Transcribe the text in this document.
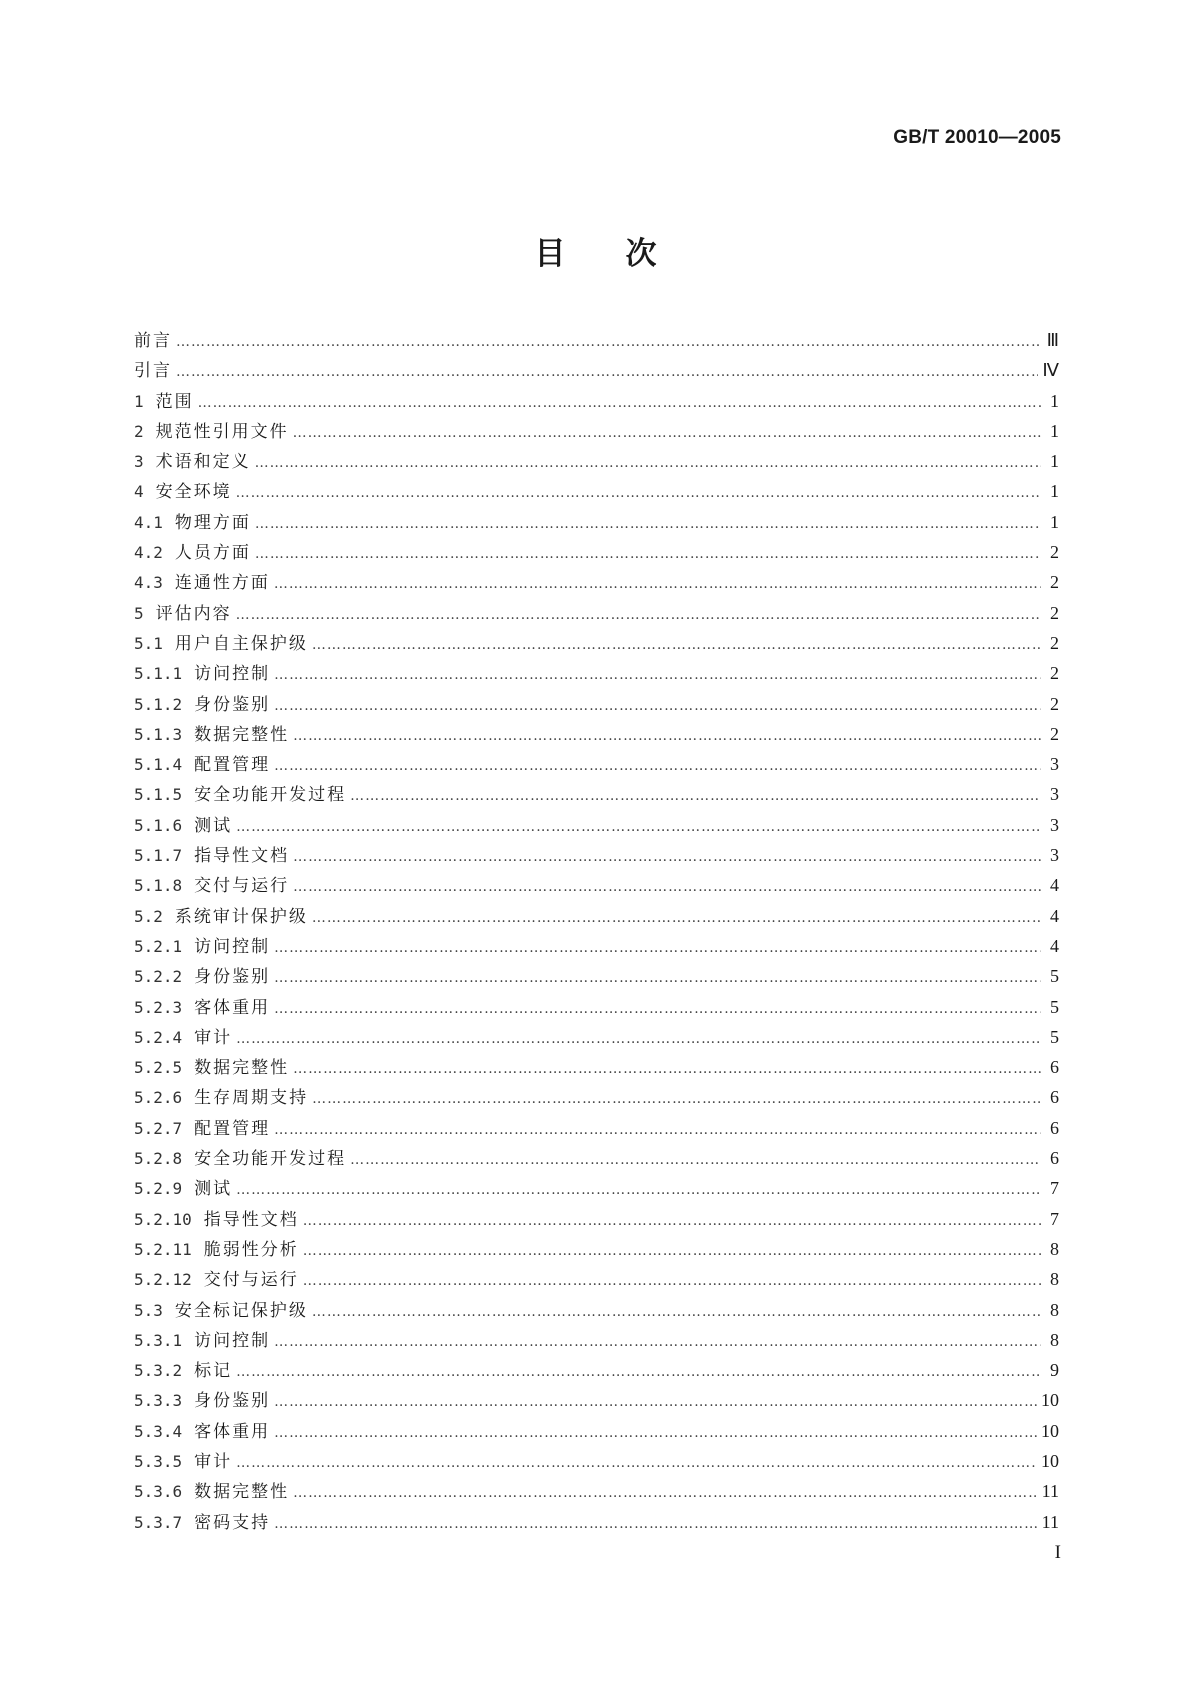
GB/T 20010—2005
目次
前言 …………………………………………………………………………………………………………………………………………………………………………………………………………………………………………………………	Ⅲ
引言 …………………………………………………………………………………………………………………………………………………………………………………………………………………………………………………………	Ⅳ
1 范围 …………………………………………………………………………………………………………………………………………………………………………………………………………………………………………………………	1
2 规范性引用文件 …………………………………………………………………………………………………………………………………………………………………………………………………………………………………………………………	1
3 术语和定义 …………………………………………………………………………………………………………………………………………………………………………………………………………………………………………………………	1
4 安全环境 …………………………………………………………………………………………………………………………………………………………………………………………………………………………………………………………	1
4.1 物理方面 …………………………………………………………………………………………………………………………………………………………………………………………………………………………………………………………	1
4.2 人员方面 …………………………………………………………………………………………………………………………………………………………………………………………………………………………………………………………	2
4.3 连通性方面 …………………………………………………………………………………………………………………………………………………………………………………………………………………………………………………………	2
5 评估内容 …………………………………………………………………………………………………………………………………………………………………………………………………………………………………………………………	2
5.1 用户自主保护级 …………………………………………………………………………………………………………………………………………………………………………………………………………………………………………………………	2
5.1.1 访问控制 …………………………………………………………………………………………………………………………………………………………………………………………………………………………………………………………	2
5.1.2 身份鉴别 …………………………………………………………………………………………………………………………………………………………………………………………………………………………………………………………	2
5.1.3 数据完整性 …………………………………………………………………………………………………………………………………………………………………………………………………………………………………………………………	2
5.1.4 配置管理 …………………………………………………………………………………………………………………………………………………………………………………………………………………………………………………………	3
5.1.5 安全功能开发过程 …………………………………………………………………………………………………………………………………………………………………………………………………………………………………………………………	3
5.1.6 测试 …………………………………………………………………………………………………………………………………………………………………………………………………………………………………………………………	3
5.1.7 指导性文档 …………………………………………………………………………………………………………………………………………………………………………………………………………………………………………………………	3
5.1.8 交付与运行 …………………………………………………………………………………………………………………………………………………………………………………………………………………………………………………………	4
5.2 系统审计保护级 …………………………………………………………………………………………………………………………………………………………………………………………………………………………………………………………	4
5.2.1 访问控制 …………………………………………………………………………………………………………………………………………………………………………………………………………………………………………………………	4
5.2.2 身份鉴别 …………………………………………………………………………………………………………………………………………………………………………………………………………………………………………………………	5
5.2.3 客体重用 …………………………………………………………………………………………………………………………………………………………………………………………………………………………………………………………	5
5.2.4 审计 …………………………………………………………………………………………………………………………………………………………………………………………………………………………………………………………	5
5.2.5 数据完整性 …………………………………………………………………………………………………………………………………………………………………………………………………………………………………………………………	6
5.2.6 生存周期支持 …………………………………………………………………………………………………………………………………………………………………………………………………………………………………………………………	6
5.2.7 配置管理 …………………………………………………………………………………………………………………………………………………………………………………………………………………………………………………………	6
5.2.8 安全功能开发过程 …………………………………………………………………………………………………………………………………………………………………………………………………………………………………………………………	6
5.2.9 测试 …………………………………………………………………………………………………………………………………………………………………………………………………………………………………………………………	7
5.2.10 指导性文档 …………………………………………………………………………………………………………………………………………………………………………………………………………………………………………………………	7
5.2.11 脆弱性分析 …………………………………………………………………………………………………………………………………………………………………………………………………………………………………………………………	8
5.2.12 交付与运行 …………………………………………………………………………………………………………………………………………………………………………………………………………………………………………………………	8
5.3 安全标记保护级 …………………………………………………………………………………………………………………………………………………………………………………………………………………………………………………………	8
5.3.1 访问控制 …………………………………………………………………………………………………………………………………………………………………………………………………………………………………………………………	8
5.3.2 标记 …………………………………………………………………………………………………………………………………………………………………………………………………………………………………………………………	9
5.3.3 身份鉴别 …………………………………………………………………………………………………………………………………………………………………………………………………………………………………………………………	10
5.3.4 客体重用 …………………………………………………………………………………………………………………………………………………………………………………………………………………………………………………………	10
5.3.5 审计 …………………………………………………………………………………………………………………………………………………………………………………………………………………………………………………………	10
5.3.6 数据完整性 …………………………………………………………………………………………………………………………………………………………………………………………………………………………………………………………	11
5.3.7 密码支持 …………………………………………………………………………………………………………………………………………………………………………………………………………………………………………………………	11
I
